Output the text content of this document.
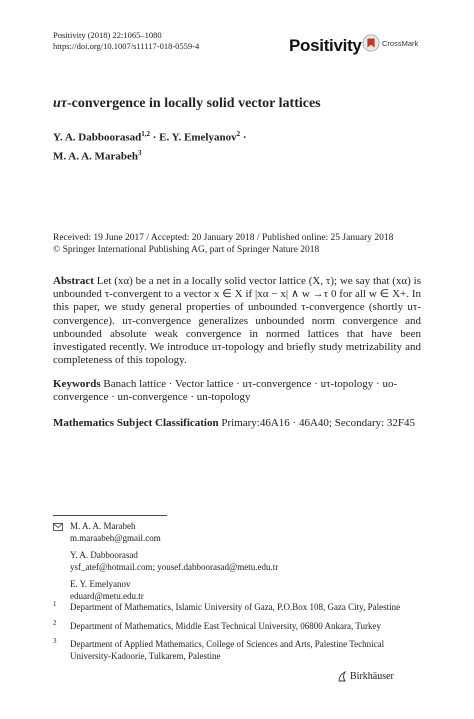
Positivity (2018) 22:1065–1080
https://doi.org/10.1007/s11117-018-0559-4	Positivity	CrossMark
uτ-convergence in locally solid vector lattices
Y. A. Dabboorasad$^{1,2}$ · E. Y. Emelyanov$^2$ ·
M. A. A. Marabeh$^3$
Received: 19 June 2017 / Accepted: 20 January 2018 / Published online: 25 January 2018
© Springer International Publishing AG, part of Springer Nature 2018
Abstract Let (xα) be a net in a locally solid vector lattice (X, τ); we say that (xα) is unbounded τ-convergent to a vector x ∈ X if |xα − x| ∧ w →τ 0 for all w ∈ X+. In this paper, we study general properties of unbounded τ-convergence (shortly uτ-convergence). uτ-convergence generalizes unbounded norm convergence and unbounded absolute weak convergence in normed lattices that have been investigated recently. We introduce uτ-topology and briefly study metrizability and completeness of this topology.
Keywords Banach lattice · Vector lattice · uτ-convergence · uτ-topology · uo-convergence · un-convergence · un-topology
Mathematics Subject Classification Primary:46A16 · 46A40; Secondary: 32F45
M. A. A. Marabeh
m.maraabeh@gmail.com
Y. A. Dabboorasad
ysf_atef@hotmail.com; yousef.dabboorasad@metu.edu.tr
E. Y. Emelyanov
eduard@metu.edu.tr
1 Department of Mathematics, Islamic University of Gaza, P.O.Box 108, Gaza City, Palestine
2 Department of Mathematics, Middle East Technical University, 06800 Ankara, Turkey
3 Department of Applied Mathematics, College of Sciences and Arts, Palestine Technical University-Kadoorie, Tulkarem, Palestine
Birkhäuser
